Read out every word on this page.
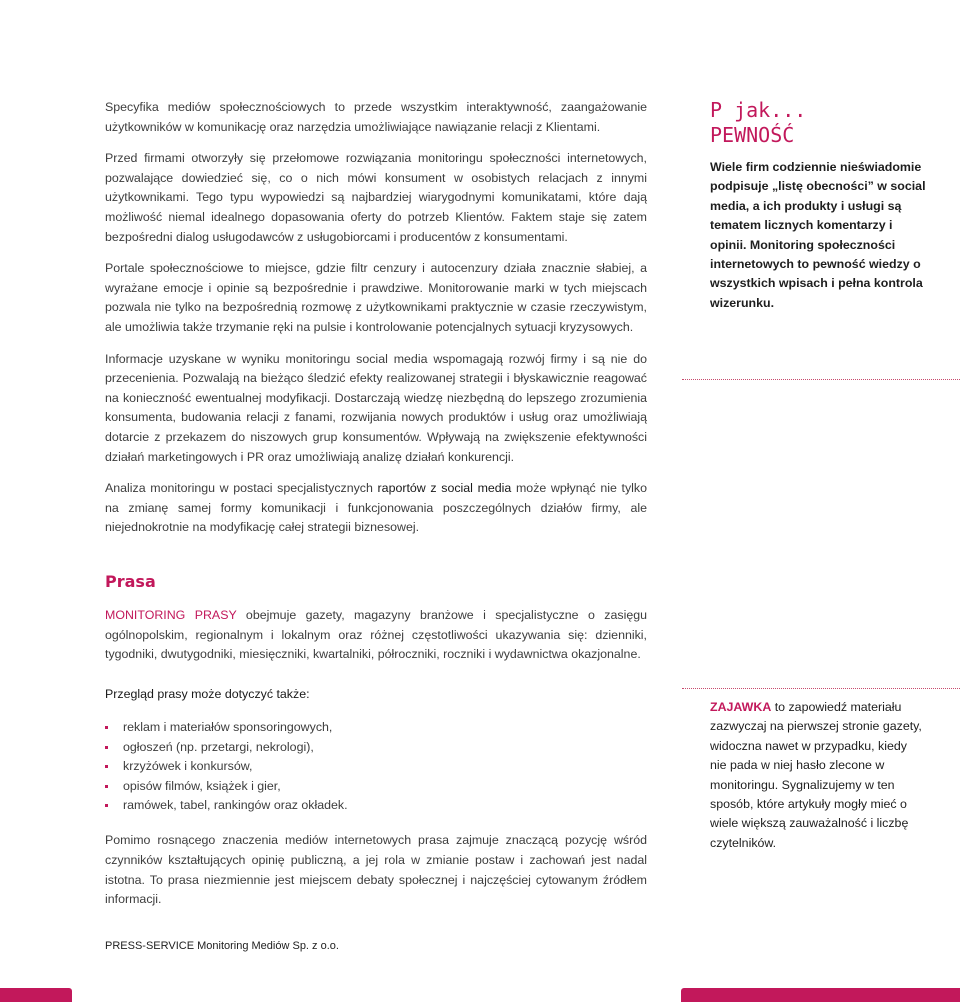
Specyfika mediów społecznościowych to przede wszystkim interaktywność, zaangażowanie użytkowników w komunikację oraz narzędzia umożliwiające nawiązanie relacji z Klientami.

Przed firmami otworzyły się przełomowe rozwiązania monitoringu społeczności internetowych, pozwalające dowiedzieć się, co o nich mówi konsument w osobistych relacjach z innymi użytkownikami. Tego typu wypowiedzi są najbardziej wiarygodnymi komunikatami, które dają możliwość niemal idealnego dopasowania oferty do potrzeb Klientów. Faktem staje się zatem bezpośredni dialog usługodawców z usługobiorcami i producentów z konsumentami.

Portale społecznościowe to miejsce, gdzie filtr cenzury i autocenzury działa znacznie słabiej, a wyrażane emocje i opinie są bezpośrednie i prawdziwe. Monitorowanie marki w tych miejscach pozwala nie tylko na bezpośrednią rozmowę z użytkownikami praktycznie w czasie rzeczywistym, ale umożliwia także trzymanie ręki na pulsie i kontrolowanie potencjalnych sytuacji kryzysowych.

Informacje uzyskane w wyniku monitoringu social media wspomagają rozwój firmy i są nie do przecenienia. Pozwalają na bieżąco śledzić efekty realizowanej strategii i błyskawicznie reagować na konieczność ewentualnej modyfikacji. Dostarczają wiedzę niezbędną do lepszego zrozumienia konsumenta, budowania relacji z fanami, rozwijania nowych produktów i usług oraz umożliwiają dotarcie z przekazem do niszowych grup konsumentów. Wpływają na zwiększenie efektywności działań marketingowych i PR oraz umożliwiają analizę działań konkurencji.

Analiza monitoringu w postaci specjalistycznych raportów z social media może wpłynąć nie tylko na zmianę samej formy komunikacji i funkcjonowania poszczególnych działów firmy, ale niejednokrotnie na modyfikację całej strategii biznesowej.

P jak...

PEWNOŚĆ

Wiele firm codziennie nieświadomie podpisuje „listę obecności” w social media, a ich produkty i usługi są tematem licznych komentarzy i opinii. Monitoring społeczności internetowych to pewność wiedzy o wszystkich wpisach i pełna kontrola wizerunku.

Prasa

MONITORING PRASY obejmuje gazety, magazyny branżowe i specjalistyczne o zasięgu ogólnopolskim, regionalnym i lokalnym oraz różnej częstotliwości ukazywania się: dzienniki, tygodniki, dwutygodniki, miesięczniki, kwartalniki, półroczniki, roczniki i wydawnictwa okazjonalne.

Przegląd prasy może dotyczyć także:

reklam i materiałów sponsoringowych,
ogłoszeń (np. przetargi, nekrologi),
krzyżówek i konkursów,
opisów filmów, książek i gier,
ramówek, tabel, rankingów oraz okładek.

Pomimo rosnącego znaczenia mediów internetowych prasa zajmuje znaczącą pozycję wśród czynników kształtujących opinię publiczną, a jej rola w zmianie postaw i zachowań jest nadal istotna. To prasa niezmiennie jest miejscem debaty społecznej i najczęściej cytowanym źródłem informacji.

ZAJAWKA to zapowiedź materiału zazwyczaj na pierwszej stronie gazety, widoczna nawet w przypadku, kiedy nie pada w niej hasło zlecone w monitoringu. Sygnalizujemy w ten sposób, które artykuły mogły mieć o wiele większą zauważalność i liczbę czytelników.

PRESS-SERVICE Monitoring Mediów Sp. z o.o.
